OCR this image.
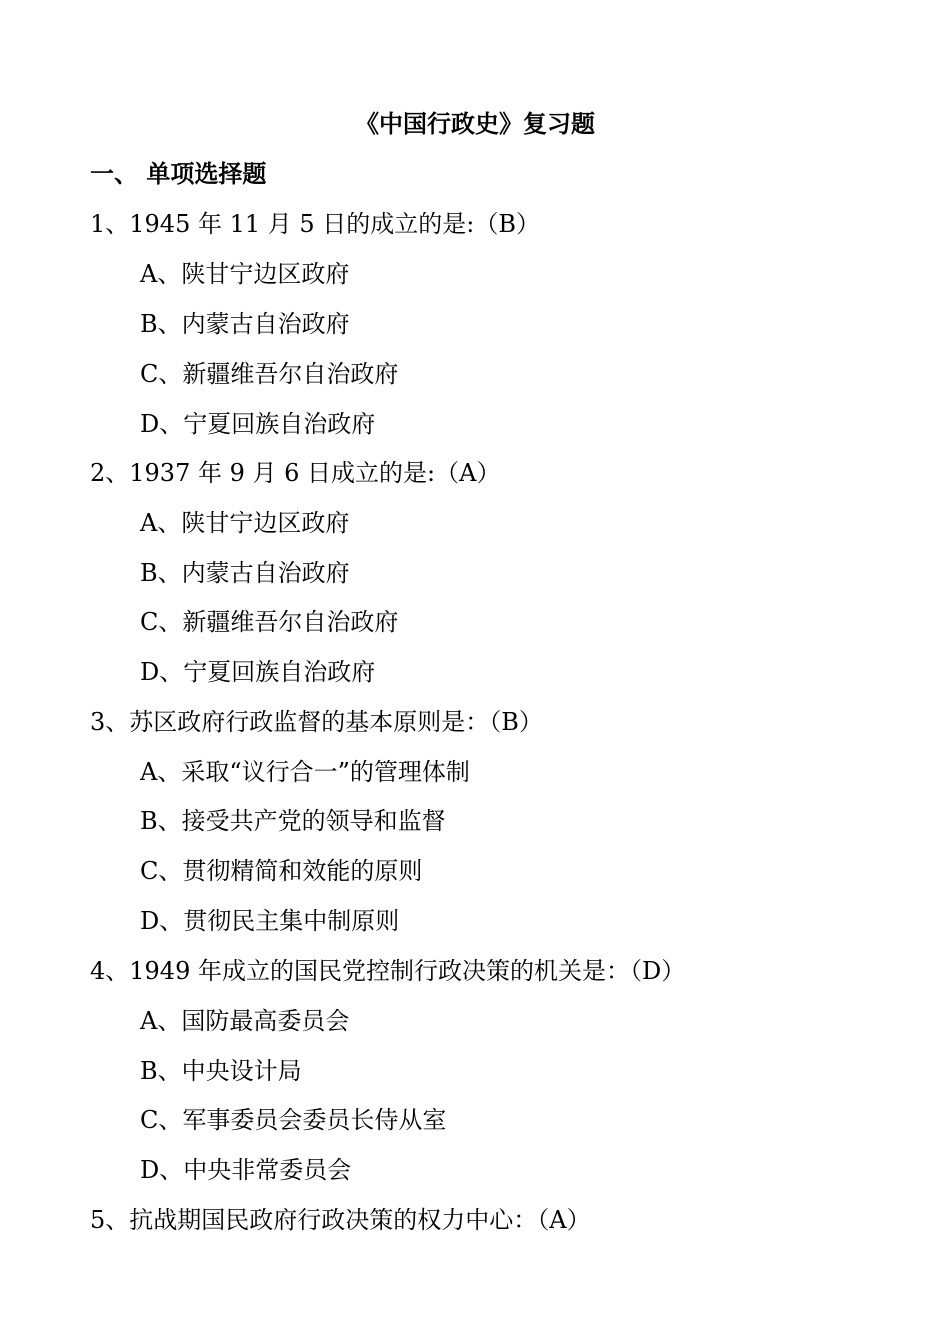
《中国行政史》复习题
一、 单项选择题
1、1945 年 11 月 5 日的成立的是:（B）
A、陕甘宁边区政府
B、内蒙古自治政府
C、新疆维吾尔自治政府
D、宁夏回族自治政府
2、1937 年 9 月 6 日成立的是:（A）
A、陕甘宁边区政府
B、内蒙古自治政府
C、新疆维吾尔自治政府
D、宁夏回族自治政府
3、苏区政府行政监督的基本原则是：（B）
A、采取“议行合一”的管理体制
B、接受共产党的领导和监督
C、贯彻精简和效能的原则
D、贯彻民主集中制原则
4、1949 年成立的国民党控制行政决策的机关是：（D）
A、国防最高委员会
B、中央设计局
C、军事委员会委员长侍从室
D、中央非常委员会
5、抗战期国民政府行政决策的权力中心：（A）
